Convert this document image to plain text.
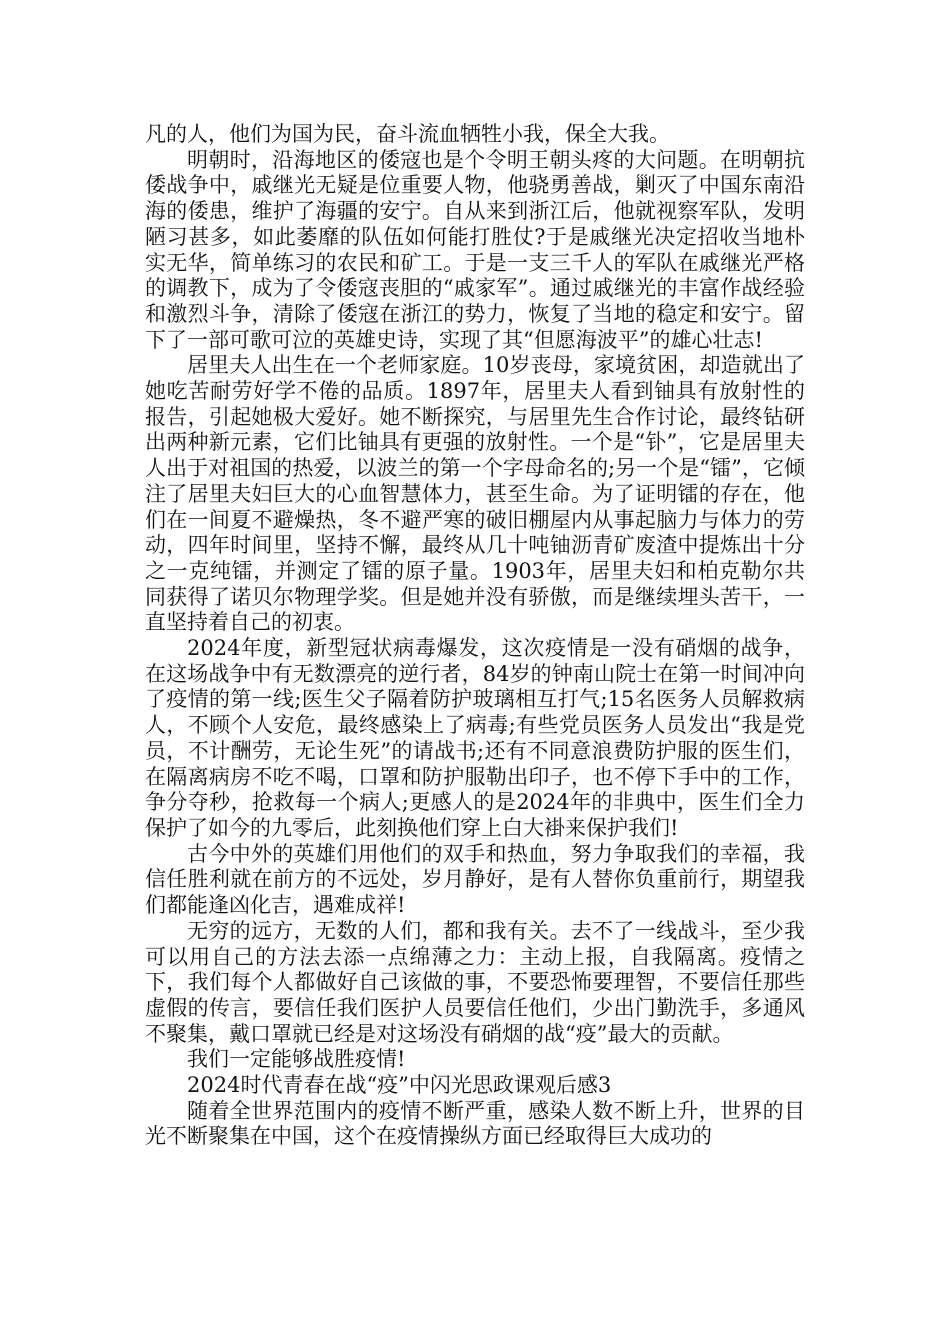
凡的人，他们为国为民，奋斗流血牺牲小我，保全大我。

明朝时，沿海地区的倭寇也是个令明王朝头疼的大问题。在明朝抗倭战争中，戚继光无疑是位重要人物，他骁勇善战，剿灭了中国东南沿海的倭患，维护了海疆的安宁。自从来到浙江后，他就视察军队，发明陋习甚多，如此萎靡的队伍如何能打胜仗?于是戚继光决定招收当地朴实无华，简单练习的农民和矿工。于是一支三千人的军队在戚继光严格的调教下，成为了令倭寇丧胆的“戚家军”。通过戚继光的丰富作战经验和激烈斗争，清除了倭寇在浙江的势力，恢复了当地的稳定和安宁。留下了一部可歌可泣的英雄史诗，实现了其“但愿海波平”的雄心壮志!

居里夫人出生在一个老师家庭。10岁丧母，家境贫困，却造就出了她吃苦耐劳好学不倦的品质。1897年，居里夫人看到铀具有放射性的报告，引起她极大爱好。她不断探究，与居里先生合作讨论，最终钻研出两种新元素，它们比铀具有更强的放射性。一个是“钋”，它是居里夫人出于对祖国的热爱，以波兰的第一个字母命名的;另一个是“镭”，它倾注了居里夫妇巨大的心血智慧体力，甚至生命。为了证明镭的存在，他们在一间夏不避燥热，冬不避严寒的破旧棚屋内从事起脑力与体力的劳动，四年时间里，坚持不懈，最终从几十吨铀沥青矿废渣中提炼出十分之一克纯镭，并测定了镭的原子量。1903年，居里夫妇和柏克勒尔共同获得了诺贝尔物理学奖。但是她并没有骄傲，而是继续埋头苦干，一直坚持着自己的初衷。

2024年度，新型冠状病毒爆发，这次疫情是一没有硝烟的战争，在这场战争中有无数漂亮的逆行者，84岁的钟南山院士在第一时间冲向了疫情的第一线;医生父子隔着防护玻璃相互打气;15名医务人员解救病人，不顾个人安危，最终感染上了病毒;有些党员医务人员发出“我是党员，不计酬劳，无论生死”的请战书;还有不同意浪费防护服的医生们，在隔离病房不吃不喝，口罩和防护服勒出印子，也不停下手中的工作，争分夺秒，抢救每一个病人;更感人的是2024年的非典中，医生们全力保护了如今的九零后，此刻换他们穿上白大褂来保护我们!

古今中外的英雄们用他们的双手和热血，努力争取我们的幸福，我信任胜利就在前方的不远处，岁月静好，是有人替你负重前行，期望我们都能逢凶化吉，遇难成祥!

无穷的远方，无数的人们，都和我有关。去不了一线战斗，至少我可以用自己的方法去添一点绵薄之力：主动上报，自我隔离。疫情之下，我们每个人都做好自己该做的事，不要恐怖要理智，不要信任那些虚假的传言，要信任我们医护人员要信任他们，少出门勤洗手，多通风不聚集，戴口罩就已经是对这场没有硝烟的战“疫”最大的贡献。

我们一定能够战胜疫情!

2024时代青春在战“疫”中闪光思政课观后感3

随着全世界范围内的疫情不断严重，感染人数不断上升，世界的目光不断聚集在中国，这个在疫情操纵方面已经取得巨大成功的
